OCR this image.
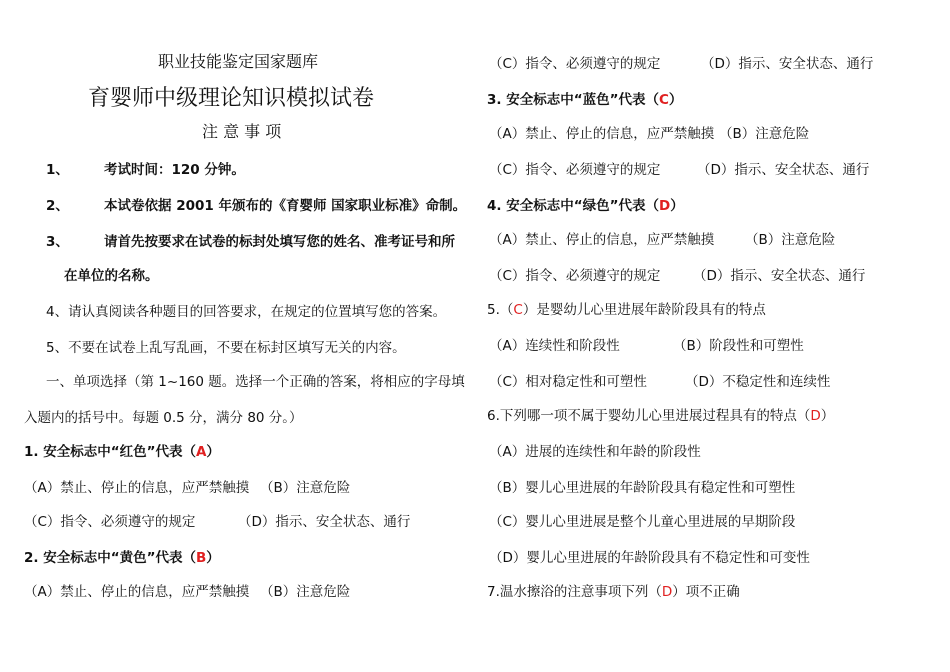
职业技能鉴定国家题库
育婴师中级理论知识模拟试卷
注 意 事 项
1、	考试时间：120 分钟。
2、	本试卷依据 2001 年颁布的《育婴师 国家职业标准》命制。
3、	请首先按要求在试卷的标封处填写您的姓名、准考证号和所
在单位的名称。
4、请认真阅读各种题目的回答要求，在规定的位置填写您的答案。
5、不要在试卷上乱写乱画，不要在标封区填写无关的内容。
一、单项选择（第 1~160 题。选择一个正确的答案，将相应的字母填
入题内的括号中。每题 0.5 分，满分 80 分。）
1. 安全标志中“红色”代表（A）
（A）禁止、停止的信息，应严禁触摸 （B）注意危险
（C）指令、必须遵守的规定	（D）指示、安全状态、通行
2. 安全标志中“黄色”代表（B）
（A）禁止、停止的信息，应严禁触摸 （B）注意危险
（C）指令、必须遵守的规定	（D）指示、安全状态、通行
3. 安全标志中“蓝色”代表（C）
（A）禁止、停止的信息，应严禁触摸 （B）注意危险
（C）指令、必须遵守的规定	（D）指示、安全状态、通行
4. 安全标志中“绿色”代表（D）
（A）禁止、停止的信息，应严禁触摸 （B）注意危险
（C）指令、必须遵守的规定 （D）指示、安全状态、通行
5.（C）是婴幼儿心里进展年龄阶段具有的特点
（A）连续性和阶段性	（B）阶段性和可塑性
（C）相对稳定性和可塑性	（D）不稳定性和连续性
6.下列哪一项不属于婴幼儿心里进展过程具有的特点（D）
（A）进展的连续性和年龄的阶段性
（B）婴儿心里进展的年龄阶段具有稳定性和可塑性
（C）婴儿心里进展是整个儿童心里进展的早期阶段
（D）婴儿心里进展的年龄阶段具有不稳定性和可变性
7.温水擦浴的注意事项下列（D）项不正确
